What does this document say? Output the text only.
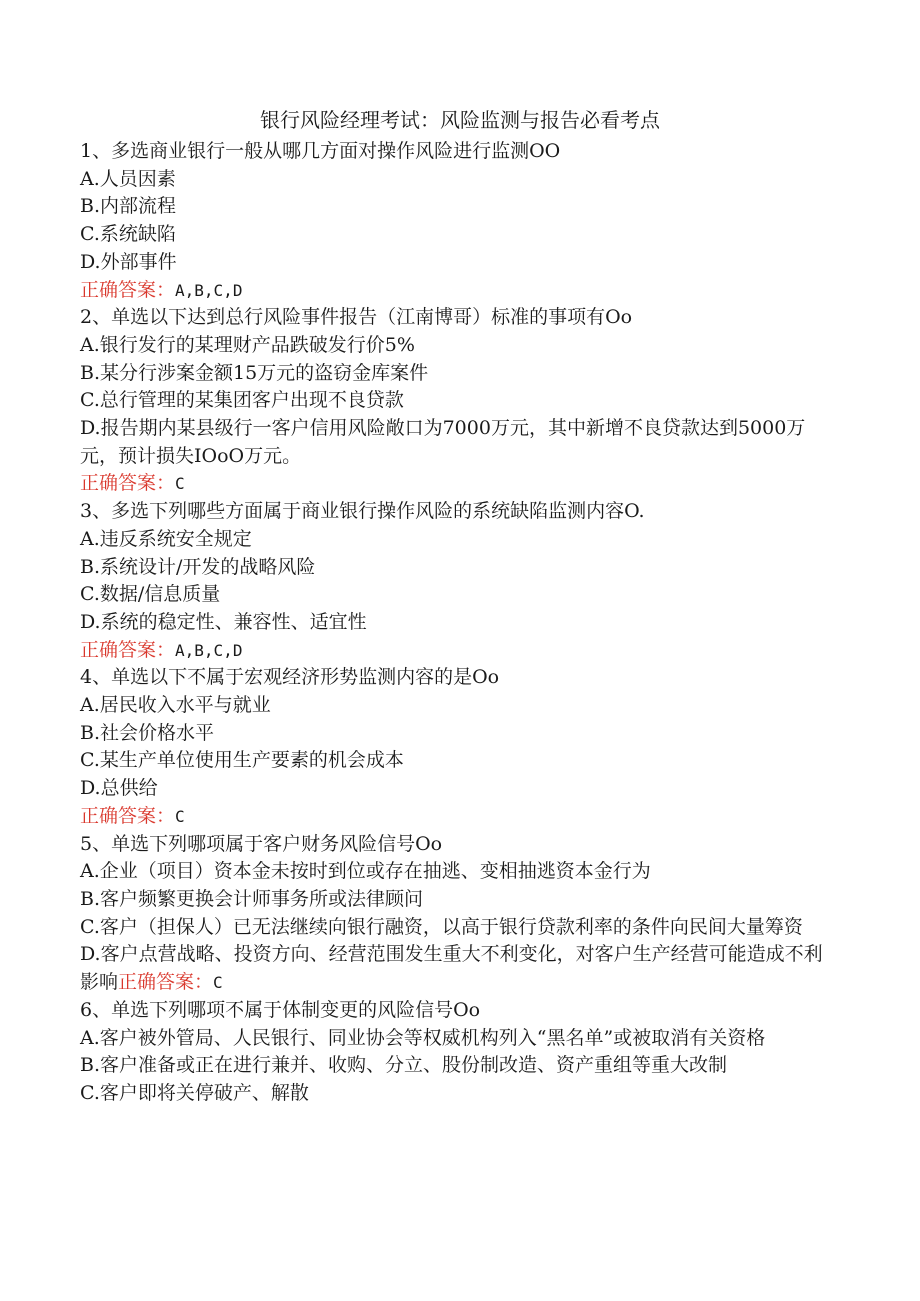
银行风险经理考试：风险监测与报告必看考点
1、多选商业银行一般从哪几方面对操作风险进行监测OO
A.人员因素
B.内部流程
C.系统缺陷
D.外部事件
正确答案：A,B,C,D
2、单选以下达到总行风险事件报告（江南博哥）标准的事项有Oo
A.银行发行的某理财产品跌破发行价5%
B.某分行涉案金额15万元的盗窃金库案件
C.总行管理的某集团客户出现不良贷款
D.报告期内某县级行一客户信用风险敞口为7000万元，其中新增不良贷款达到5000万元，预计损失IOoO万元。
正确答案：C
3、多选下列哪些方面属于商业银行操作风险的系统缺陷监测内容O.
A.违反系统安全规定
B.系统设计/开发的战略风险
C.数据/信息质量
D.系统的稳定性、兼容性、适宜性
正确答案：A,B,C,D
4、单选以下不属于宏观经济形势监测内容的是Oo
A.居民收入水平与就业
B.社会价格水平
C.某生产单位使用生产要素的机会成本
D.总供给
正确答案：C
5、单选下列哪项属于客户财务风险信号Oo
A.企业（项目）资本金未按时到位或存在抽逃、变相抽逃资本金行为
B.客户频繁更换会计师事务所或法律顾问
C.客户（担保人）已无法继续向银行融资，以高于银行贷款利率的条件向民间大量筹资
D.客户点营战略、投资方向、经营范围发生重大不利变化，对客户生产经营可能造成不利影响正确答案：C
6、单选下列哪项不属于体制变更的风险信号Oo
A.客户被外管局、人民银行、同业协会等权威机构列入“黑名单”或被取消有关资格
B.客户准备或正在进行兼并、收购、分立、股份制改造、资产重组等重大改制
C.客户即将关停破产、解散
